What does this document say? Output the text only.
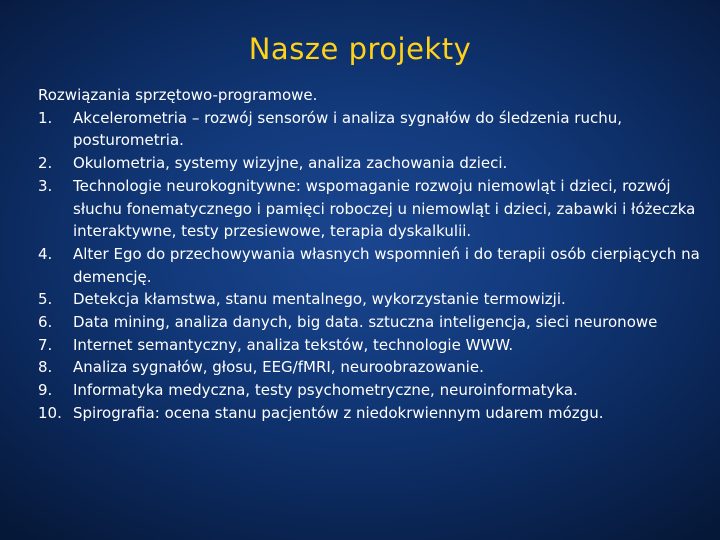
Nasze projekty

Rozwiązania sprzętowo-programowe.

1. Akcelerometria – rozwój sensorów i analiza sygnałów do śledzenia ruchu, posturometria.
2. Okulometria, systemy wizyjne, analiza zachowania dzieci.
3. Technologie neurokognitywne: wspomaganie rozwoju niemowląt i dzieci, rozwój słuchu fonematycznego i pamięci roboczej u niemowląt i dzieci, zabawki i łóżeczka interaktywne, testy przesiewowe, terapia dyskalkulii.
4. Alter Ego do przechowywania własnych wspomnień i do terapii osób cierpiących na demencję.
5. Detekcja kłamstwa, stanu mentalnego, wykorzystanie termowizji.
6. Data mining, analiza danych, big data. sztuczna inteligencja, sieci neuronowe
7. Internet semantyczny, analiza tekstów, technologie WWW.
8. Analiza sygnałów, głosu, EEG/fMRI, neuroobrazowanie.
9. Informatyka medyczna, testy psychometryczne, neuroinformatyka.
10. Spirografia: ocena stanu pacjentów z niedokrwiennym udarem mózgu.
